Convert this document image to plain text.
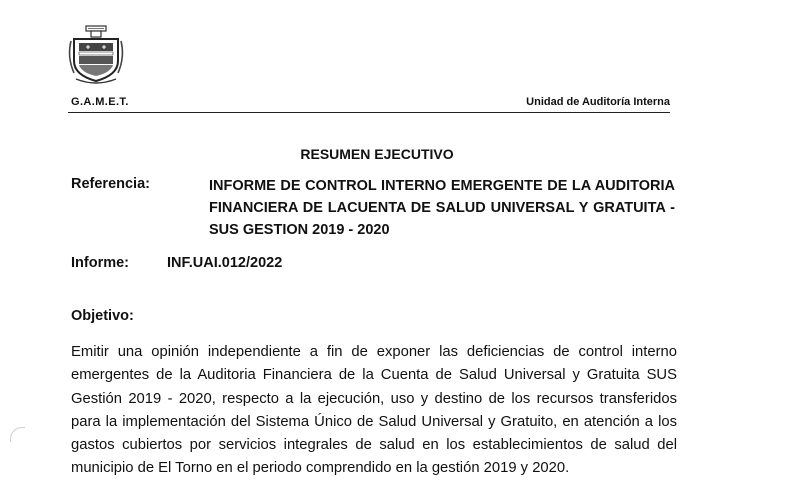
G.A.M.E.T.	Unidad de Auditoría Interna
RESUMEN EJECUTIVO
Referencia:	INFORME DE CONTROL INTERNO EMERGENTE DE LA AUDITORIA FINANCIERA DE LACUENTA DE SALUD UNIVERSAL Y GRATUITA - SUS GESTION 2019 - 2020

Informe:	INF.UAI.012/2022
Objetivo:

Emitir una opinión independiente a fin de exponer las deficiencias de control interno emergentes de la Auditoria Financiera de la Cuenta de Salud Universal y Gratuita SUS Gestión 2019 - 2020, respecto a la ejecución, uso y destino de los recursos transferidos para la implementación del Sistema Único de Salud Universal y Gratuito, en atención a los gastos cubiertos por servicios integrales de salud en los establecimientos de salud del municipio de El Torno en el periodo comprendido en la gestión 2019 y 2020.
